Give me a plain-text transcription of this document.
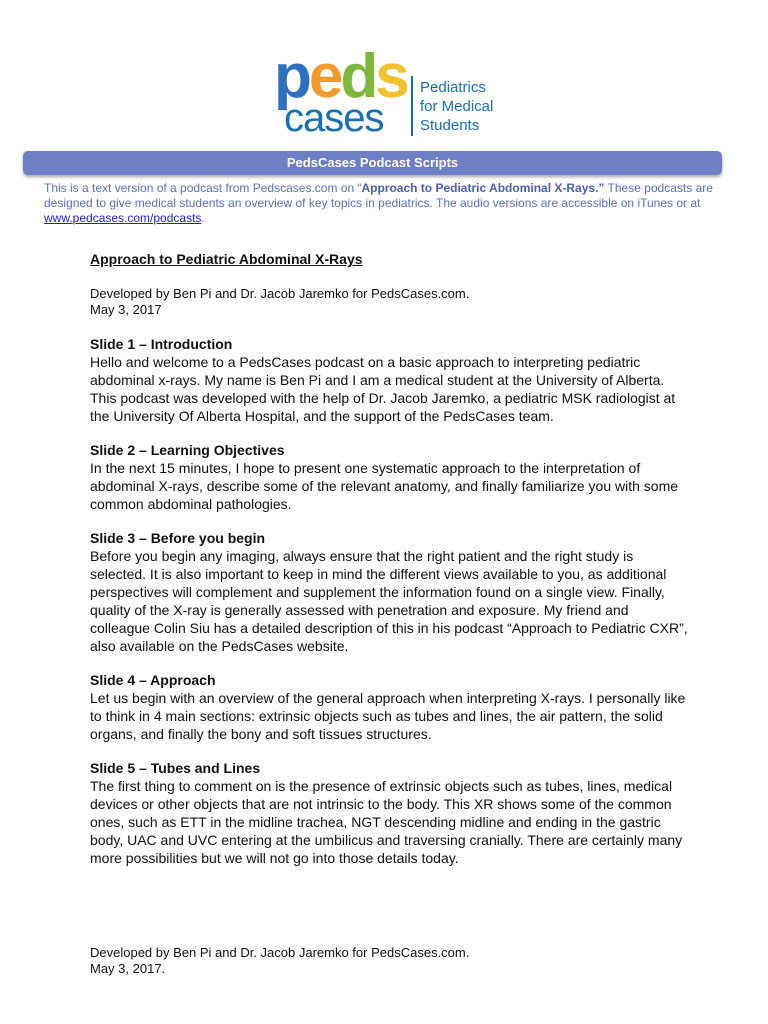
peds
cases
Pediatrics
for Medical
Students
PedsCases Podcast Scripts
This is a text version of a podcast from Pedscases.com on “Approach to Pediatric Abdominal X-Rays.” These podcasts are designed to give medical students an overview of key topics in pediatrics. The audio versions are accessible on iTunes or at www.pedcases.com/podcasts.
Approach to Pediatric Abdominal X-Rays
Developed by Ben Pi and Dr. Jacob Jaremko for PedsCases.com.
May 3, 2017
Slide 1 – Introduction

Hello and welcome to a PedsCases podcast on a basic approach to interpreting pediatric abdominal x-rays. My name is Ben Pi and I am a medical student at the University of Alberta. This podcast was developed with the help of Dr. Jacob Jaremko, a pediatric MSK radiologist at the University Of Alberta Hospital, and the support of the PedsCases team.

Slide 2 – Learning Objectives

In the next 15 minutes, I hope to present one systematic approach to the interpretation of abdominal X-rays, describe some of the relevant anatomy, and finally familiarize you with some common abdominal pathologies.

Slide 3 – Before you begin

Before you begin any imaging, always ensure that the right patient and the right study is selected. It is also important to keep in mind the different views available to you, as additional perspectives will complement and supplement the information found on a single view. Finally, quality of the X-ray is generally assessed with penetration and exposure. My friend and colleague Colin Siu has a detailed description of this in his podcast “Approach to Pediatric CXR”, also available on the PedsCases website.

Slide 4 – Approach

Let us begin with an overview of the general approach when interpreting X-rays. I personally like to think in 4 main sections: extrinsic objects such as tubes and lines, the air pattern, the solid organs, and finally the bony and soft tissues structures.

Slide 5 – Tubes and Lines

The first thing to comment on is the presence of extrinsic objects such as tubes, lines, medical devices or other objects that are not intrinsic to the body. This XR shows some of the common ones, such as ETT in the midline trachea, NGT descending midline and ending in the gastric body, UAC and UVC entering at the umbilicus and traversing cranially. There are certainly many more possibilities but we will not go into those details today.

Developed by Ben Pi and Dr. Jacob Jaremko for PedsCases.com.
May 3, 2017.
